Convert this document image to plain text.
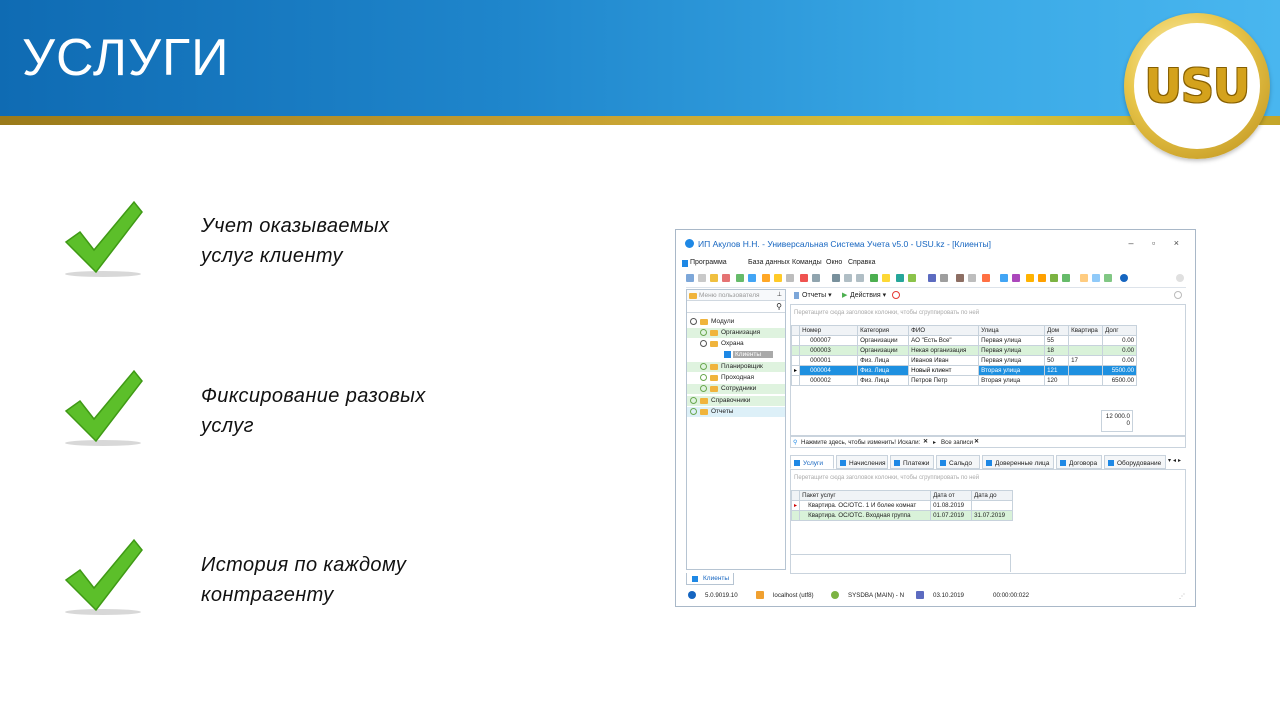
УСЛУГИ	USU
Учет оказываемых
услуг клиенту
Фиксирование разовых
услуг
История по каждому
контрагенту
ИП Акулов Н.Н. - Универсальная Система Учета v5.0 - USU.kz - [Клиенты]	– ▫ ×
Программа	База данных Команды Окно Справка
Меню пользователя	⊥
⚲
Модули
Организация
Охрана
Клиенты
Планировщик
Проходная
Сотрудники
Справочники
Отчеты
Отчеты ▾ ▶ Действия ▾
Перетащите сюда заголовок колонки, чтобы сгруппировать по ней
	Номер	Категория	ФИО	Улица	Дом	Квартира	Долг
	000007	Организации	АО "Есть Все"	Первая улица	55		0.00
	000003	Организации	Некая организация	Первая улица	18		0.00
	000001	Физ. Лица	Иванов Иван	Первая улица	50	17	0.00
▸	000004	Физ. Лица	Новый клиент	Вторая улица	121		5500.00
	000002	Физ. Лица	Петров Петр	Вторая улица	120		6500.00
12 000.0
0
⚲ Нажмите здесь, чтобы изменить! Искали: ✕ ▸ Все записи ✕
Услуги	Начисления	Платежи	Сальдо	Доверенные лица	Договора	Оборудование	▾◂▸
Перетащите сюда заголовок колонки, чтобы сгруппировать по ней
	Пакет услуг	Дата от	Дата до
▸	Квартира. ОС/ОТС. 1 И более комнат	01.08.2019	
	Квартира. ОС/ОТС. Входная группа	01.07.2019	31.07.2019
Клиенты
5.0.9019.10	localhost (utf8)	SYSDBA (MAIN) - N	03.10.2019	00:00:00:022	⋰
